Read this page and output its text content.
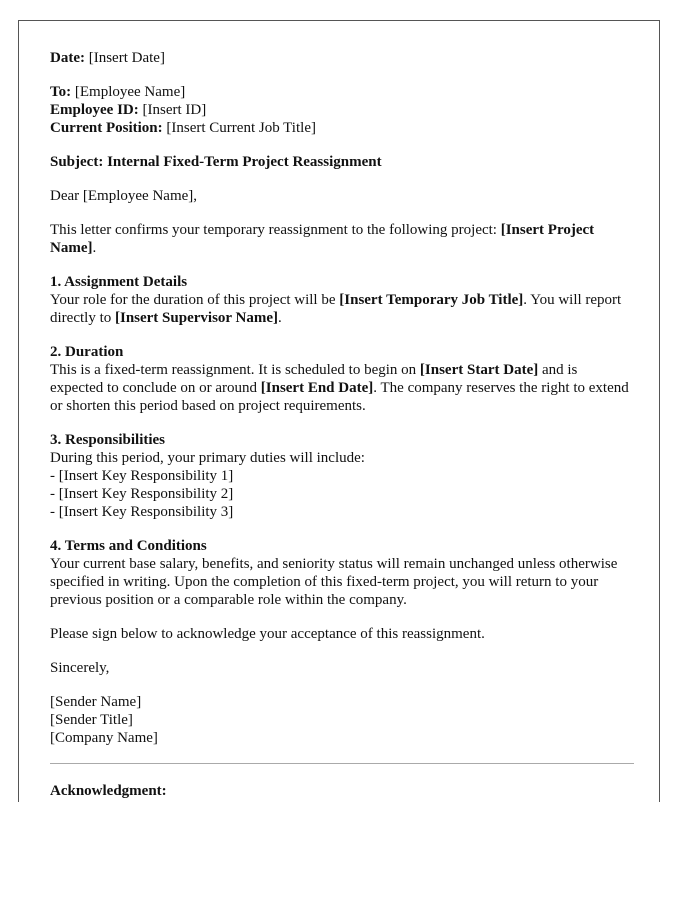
Date: [Insert Date]

To: [Employee Name]
Employee ID: [Insert ID]
Current Position: [Insert Current Job Title]

Subject: Internal Fixed-Term Project Reassignment

Dear [Employee Name],

This letter confirms your temporary reassignment to the following project: [Insert Project Name].

1. Assignment Details
Your role for the duration of this project will be [Insert Temporary Job Title]. You will report directly to [Insert Supervisor Name].

2. Duration
This is a fixed-term reassignment. It is scheduled to begin on [Insert Start Date] and is expected to conclude on or around [Insert End Date]. The company reserves the right to extend or shorten this period based on project requirements.

3. Responsibilities
During this period, your primary duties will include:
- [Insert Key Responsibility 1]
- [Insert Key Responsibility 2]
- [Insert Key Responsibility 3]

4. Terms and Conditions
Your current base salary, benefits, and seniority status will remain unchanged unless otherwise specified in writing. Upon the completion of this fixed-term project, you will return to your previous position or a comparable role within the company.

Please sign below to acknowledge your acceptance of this reassignment.

Sincerely,

[Sender Name]
[Sender Title]
[Company Name]

Acknowledgment:
